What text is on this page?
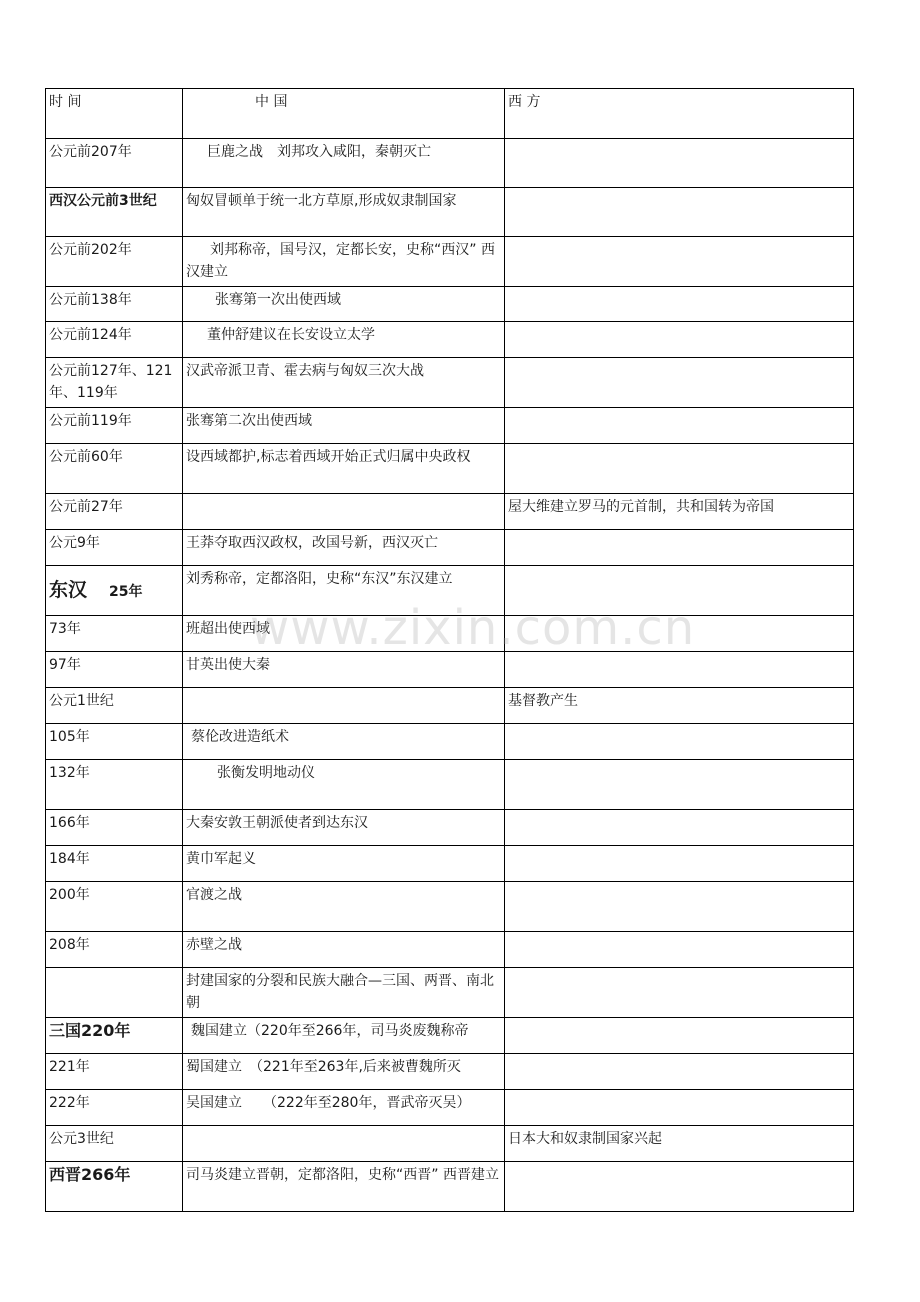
时 间	中 国	西 方
公元前207年	巨鹿之战　刘邦攻入咸阳，秦朝灭亡	
西汉公元前3世纪	匈奴冒顿单于统一北方草原,形成奴隶制国家	
公元前202年	刘邦称帝，国号汉，定都长安，史称“西汉” 西汉建立	
公元前138年	张骞第一次出使西域	
公元前124年	董仲舒建议在长安设立太学	
公元前127年、121年、119年	汉武帝派卫青、霍去病与匈奴三次大战	
公元前119年	张骞第二次出使西域	
公元前60年	设西域都护,标志着西域开始正式归属中央政权	
公元前27年		屋大维建立罗马的元首制，共和国转为帝国
公元9年	王莽夺取西汉政权，改国号新，西汉灭亡	
东汉 25年	刘秀称帝，定都洛阳，史称“东汉”东汉建立	
73年	班超出使西域	
97年	甘英出使大秦	
公元1世纪		基督教产生
105年	蔡伦改进造纸术	
132年	张衡发明地动仪	
166年	大秦安敦王朝派使者到达东汉	
184年	黄巾军起义	
200年	官渡之战	
208年	赤壁之战	
	封建国家的分裂和民族大融合—三国、两晋、南北朝	
三国220年	魏国建立（220年至266年，司马炎废魏称帝	
221年	蜀国建立　（221年至263年,后来被曹魏所灭	
222年	吴国建立　　（222年至280年，晋武帝灭吴）	
公元3世纪		日本大和奴隶制国家兴起
西晋266年	司马炎建立晋朝，定都洛阳，史称“西晋” 西晋建立	
www.zixin.com.cn
